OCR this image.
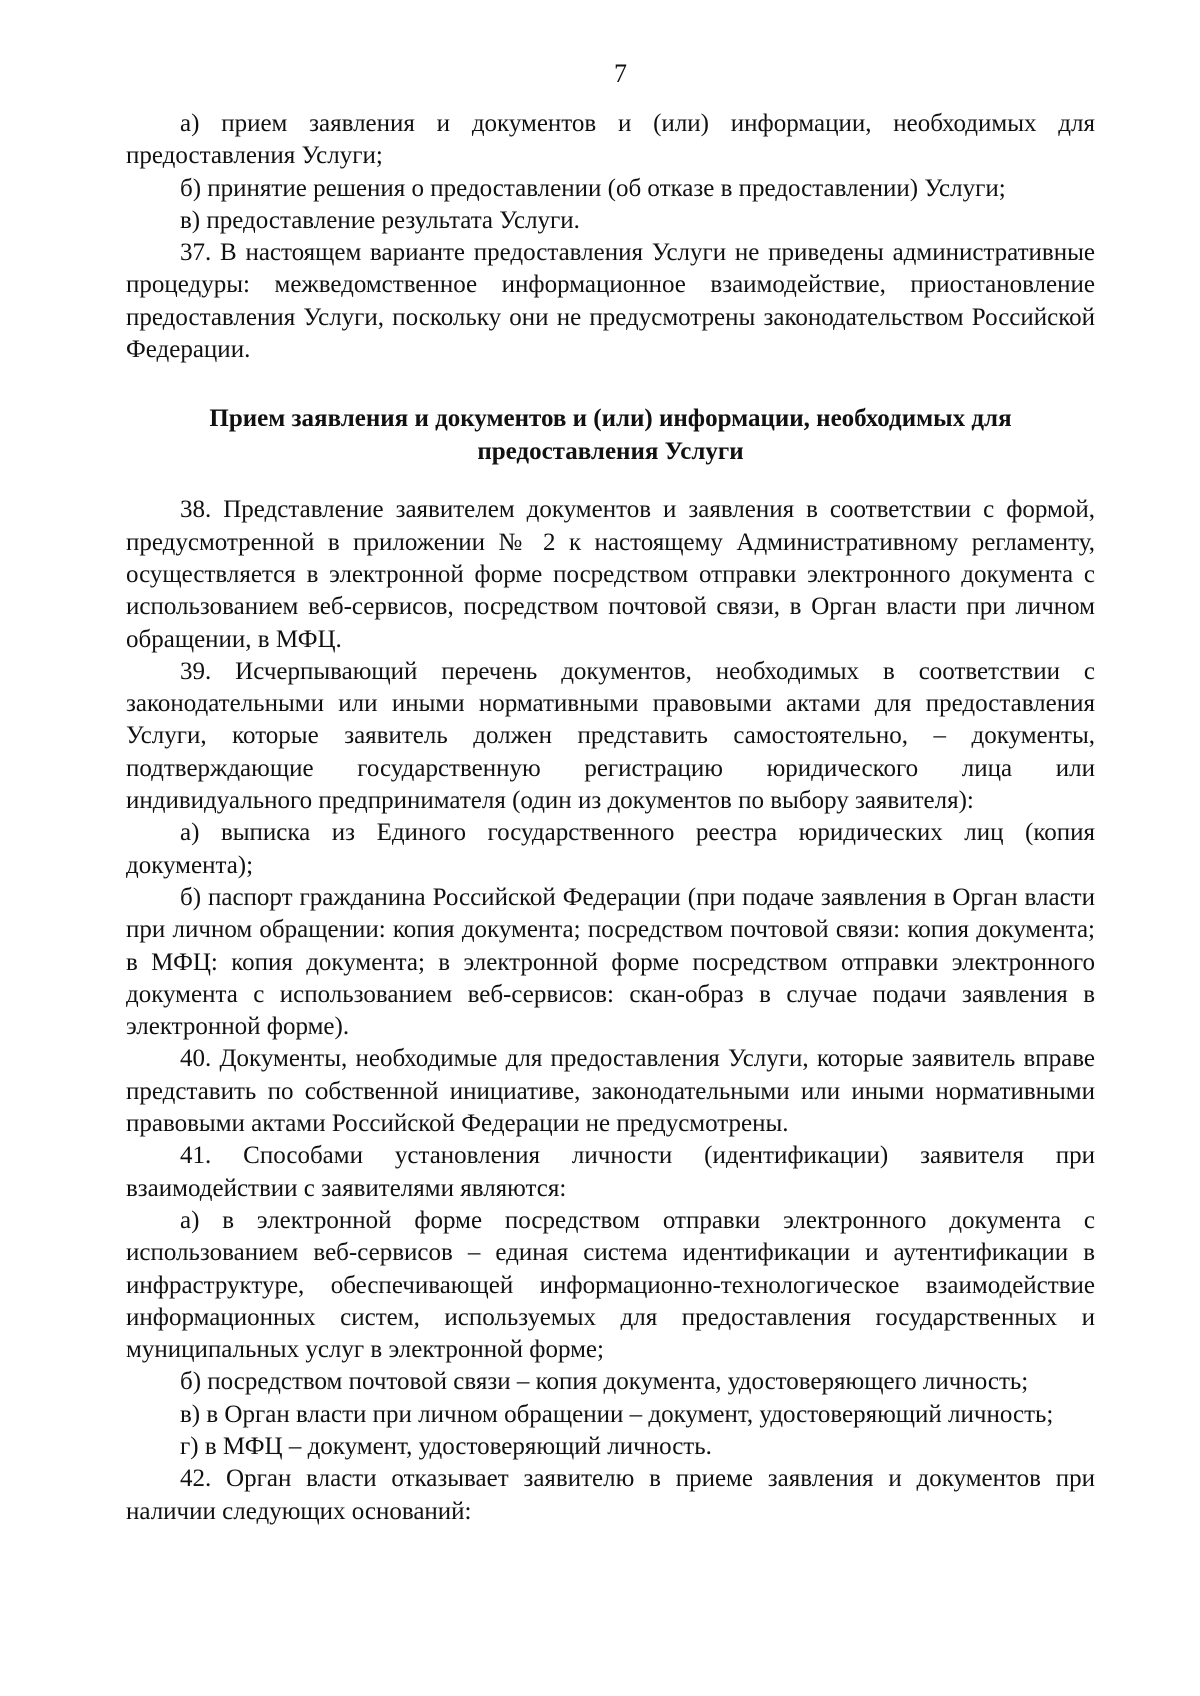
7

а) прием заявления и документов и (или) информации, необходимых для предоставления Услуги;

б) принятие решения о предоставлении (об отказе в предоставлении) Услуги;

в) предоставление результата Услуги.

37. В настоящем варианте предоставления Услуги не приведены административные процедуры: межведомственное информационное взаимодействие, приостановление предоставления Услуги, поскольку они не предусмотрены законодательством Российской Федерации.

Прием заявления и документов и (или) информации, необходимых для предоставления Услуги

38. Представление заявителем документов и заявления в соответствии с формой, предусмотренной в приложении № 2 к настоящему Административному регламенту, осуществляется в электронной форме посредством отправки электронного документа с использованием веб-сервисов, посредством почтовой связи, в Орган власти при личном обращении, в МФЦ.

39. Исчерпывающий перечень документов, необходимых в соответствии с законодательными или иными нормативными правовыми актами для предоставления Услуги, которые заявитель должен представить самостоятельно, – документы, подтверждающие государственную регистрацию юридического лица или индивидуального предпринимателя (один из документов по выбору заявителя):

а) выписка из Единого государственного реестра юридических лиц (копия документа);

б) паспорт гражданина Российской Федерации (при подаче заявления в Орган власти при личном обращении: копия документа; посредством почтовой связи: копия документа; в МФЦ: копия документа; в электронной форме посредством отправки электронного документа с использованием веб-сервисов: скан-образ в случае подачи заявления в электронной форме).

40. Документы, необходимые для предоставления Услуги, которые заявитель вправе представить по собственной инициативе, законодательными или иными нормативными правовыми актами Российской Федерации не предусмотрены.

41. Способами установления личности (идентификации) заявителя при взаимодействии с заявителями являются:

а) в электронной форме посредством отправки электронного документа с использованием веб-сервисов – единая система идентификации и аутентификации в инфраструктуре, обеспечивающей информационно-технологическое взаимодействие информационных систем, используемых для предоставления государственных и муниципальных услуг в электронной форме;

б) посредством почтовой связи – копия документа, удостоверяющего личность;

в) в Орган власти при личном обращении – документ, удостоверяющий личность;

г) в МФЦ – документ, удостоверяющий личность.

42. Орган власти отказывает заявителю в приеме заявления и документов при наличии следующих оснований:
